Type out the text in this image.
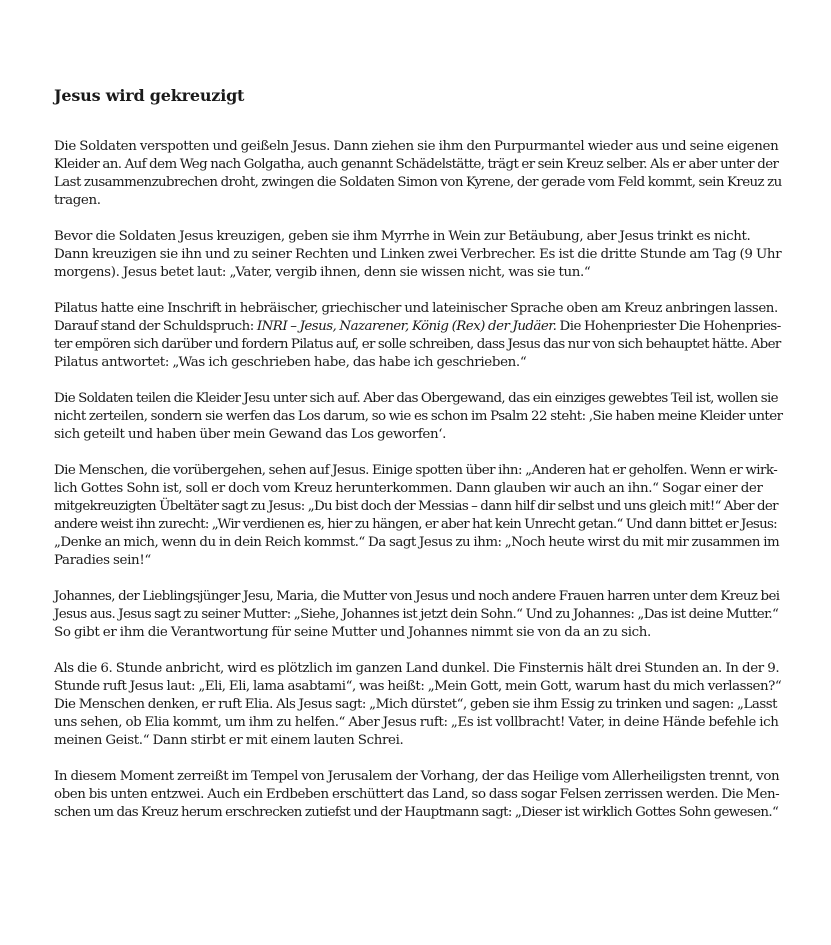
Jesus wird gekreuzigt

Die Soldaten verspotten und geißeln Jesus. Dann ziehen sie ihm den Purpurmantel wieder aus und seine eigenen
Kleider an. Auf dem Weg nach Golgatha, auch genannt Schädelstätte, trägt er sein Kreuz selber. Als er aber unter der
Last zusammenzubrechen droht, zwingen die Soldaten Simon von Kyrene, der gerade vom Feld kommt, sein Kreuz zu
tragen.

Bevor die Soldaten Jesus kreuzigen, geben sie ihm Myrrhe in Wein zur Betäubung, aber Jesus trinkt es nicht.
Dann kreuzigen sie ihn und zu seiner Rechten und Linken zwei Verbrecher. Es ist die dritte Stunde am Tag (9 Uhr
morgens). Jesus betet laut: „Vater, vergib ihnen, denn sie wissen nicht, was sie tun.“

Pilatus hatte eine Inschrift in hebräischer, griechischer und lateinischer Sprache oben am Kreuz anbringen lassen.
Darauf stand der Schuldspruch: INRI – Jesus, Nazarener, König (Rex) der Judäer. Die Hohenpriester Die Hohenpries-
ter empören sich darüber und fordern Pilatus auf, er solle schreiben, dass Jesus das nur von sich behauptet hätte. Aber
Pilatus antwortet: „Was ich geschrieben habe, das habe ich geschrieben.“

Die Soldaten teilen die Kleider Jesu unter sich auf. Aber das Obergewand, das ein einziges gewebtes Teil ist, wollen sie
nicht zerteilen, sondern sie werfen das Los darum, so wie es schon im Psalm 22 steht: ‚Sie haben meine Kleider unter
sich geteilt und haben über mein Gewand das Los geworfen‘.

Die Menschen, die vorübergehen, sehen auf Jesus. Einige spotten über ihn: „Anderen hat er geholfen. Wenn er wirk-
lich Gottes Sohn ist, soll er doch vom Kreuz herunterkommen. Dann glauben wir auch an ihn.“ Sogar einer der
mitgekreuzigten Übeltäter sagt zu Jesus: „Du bist doch der Messias – dann hilf dir selbst und uns gleich mit!“ Aber der
andere weist ihn zurecht: „Wir verdienen es, hier zu hängen, er aber hat kein Unrecht getan.“ Und dann bittet er Jesus:
„Denke an mich, wenn du in dein Reich kommst.“ Da sagt Jesus zu ihm: „Noch heute wirst du mit mir zusammen im
Paradies sein!“

Johannes, der Lieblingsjünger Jesu, Maria, die Mutter von Jesus und noch andere Frauen harren unter dem Kreuz bei
Jesus aus. Jesus sagt zu seiner Mutter: „Siehe, Johannes ist jetzt dein Sohn.“ Und zu Johannes: „Das ist deine Mutter.“
So gibt er ihm die Verantwortung für seine Mutter und Johannes nimmt sie von da an zu sich.

Als die 6. Stunde anbricht, wird es plötzlich im ganzen Land dunkel. Die Finsternis hält drei Stunden an. In der 9.
Stunde ruft Jesus laut: „Eli, Eli, lama asabtami“, was heißt: „Mein Gott, mein Gott, warum hast du mich verlassen?“
Die Menschen denken, er ruft Elia. Als Jesus sagt: „Mich dürstet“, geben sie ihm Essig zu trinken und sagen: „Lasst
uns sehen, ob Elia kommt, um ihm zu helfen.“ Aber Jesus ruft: „Es ist vollbracht! Vater, in deine Hände befehle ich
meinen Geist.“ Dann stirbt er mit einem lauten Schrei.

In diesem Moment zerreißt im Tempel von Jerusalem der Vorhang, der das Heilige vom Allerheiligsten trennt, von
oben bis unten entzwei. Auch ein Erdbeben erschüttert das Land, so dass sogar Felsen zerrissen werden. Die Men-
schen um das Kreuz herum erschrecken zutiefst und der Hauptmann sagt: „Dieser ist wirklich Gottes Sohn gewesen.“
